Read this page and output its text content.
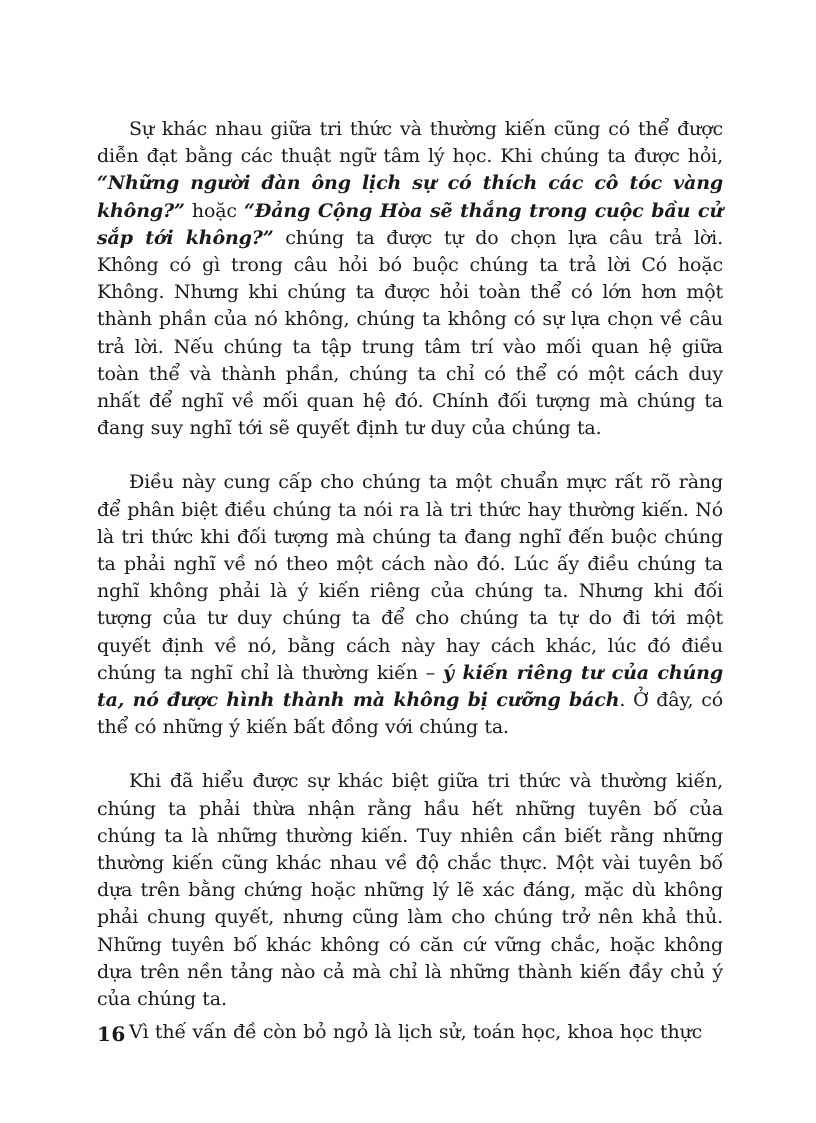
Sự khác nhau giữa tri thức và thường kiến cũng có thể được diễn đạt bằng các thuật ngữ tâm lý học. Khi chúng ta được hỏi, “Những người đàn ông lịch sự có thích các cô tóc vàng không?” hoặc “Đảng Cộng Hòa sẽ thắng trong cuộc bầu cử sắp tới không?” chúng ta được tự do chọn lựa câu trả lời. Không có gì trong câu hỏi bó buộc chúng ta trả lời Có hoặc Không. Nhưng khi chúng ta được hỏi toàn thể có lớn hơn một thành phần của nó không, chúng ta không có sự lựa chọn về câu trả lời. Nếu chúng ta tập trung tâm trí vào mối quan hệ giữa toàn thể và thành phần, chúng ta chỉ có thể có một cách duy nhất để nghĩ về mối quan hệ đó. Chính đối tượng mà chúng ta đang suy nghĩ tới sẽ quyết định tư duy của chúng ta.

Điều này cung cấp cho chúng ta một chuẩn mực rất rõ ràng để phân biệt điều chúng ta nói ra là tri thức hay thường kiến. Nó là tri thức khi đối tượng mà chúng ta đang nghĩ đến buộc chúng ta phải nghĩ về nó theo một cách nào đó. Lúc ấy điều chúng ta nghĩ không phải là ý kiến riêng của chúng ta. Nhưng khi đối tượng của tư duy chúng ta để cho chúng ta tự do đi tới một quyết định về nó, bằng cách này hay cách khác, lúc đó điều chúng ta nghĩ chỉ là thường kiến – ý kiến riêng tư của chúng ta, nó được hình thành mà không bị cưỡng bách. Ở đây, có thể có những ý kiến bất đồng với chúng ta.

Khi đã hiểu được sự khác biệt giữa tri thức và thường kiến, chúng ta phải thừa nhận rằng hầu hết những tuyên bố của chúng ta là những thường kiến. Tuy nhiên cần biết rằng những thường kiến cũng khác nhau về độ chắc thực. Một vài tuyên bố dựa trên bằng chứng hoặc những lý lẽ xác đáng, mặc dù không phải chung quyết, nhưng cũng làm cho chúng trở nên khả thủ. Những tuyên bố khác không có căn cứ vững chắc, hoặc không dựa trên nền tảng nào cả mà chỉ là những thành kiến đầy chủ ý của chúng ta.

Vì thế vấn đề còn bỏ ngỏ là lịch sử, toán học, khoa học thực

16
